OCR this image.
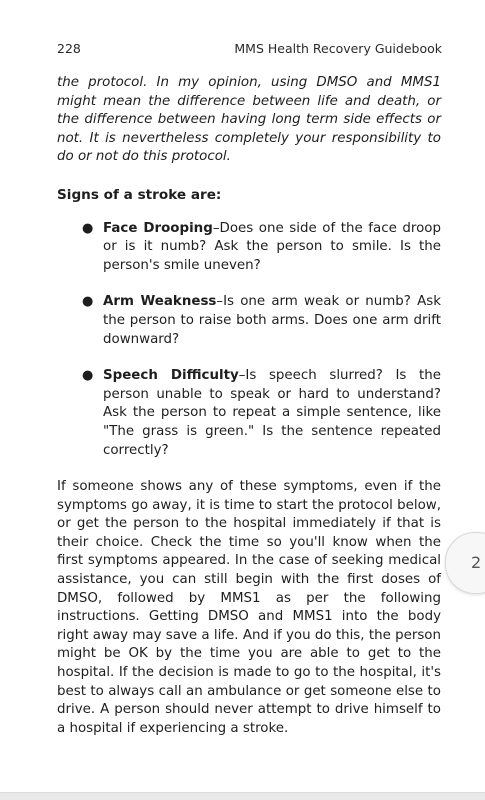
228	MMS Health Recovery Guidebook

the protocol. In my opinion, using DMSO and MMS1 might mean the difference between life and death, or the difference between having long term side effects or not. It is nevertheless completely your responsibility to do or not do this protocol.

Signs of a stroke are:

● Face Drooping–Does one side of the face droop or is it numb? Ask the person to smile. Is the person's smile uneven?
● Arm Weakness–Is one arm weak or numb? Ask the person to raise both arms. Does one arm drift downward?
● Speech Difficulty–Is speech slurred? Is the person unable to speak or hard to understand? Ask the person to repeat a simple sentence, like "The grass is green." Is the sentence repeated correctly?

If someone shows any of these symptoms, even if the symptoms go away, it is time to start the protocol below, or get the person to the hospital immediately if that is their choice. Check the time so you'll know when the first symptoms appeared. In the case of seeking medical assistance, you can still begin with the first doses of DMSO, followed by MMS1 as per the following instructions. Getting DMSO and MMS1 into the body right away may save a life. And if you do this, the person might be OK by the time you are able to get to the hospital. If the decision is made to go to the hospital, it's best to always call an ambulance or get someone else to drive. A person should never attempt to drive himself to a hospital if experiencing a stroke.

2
